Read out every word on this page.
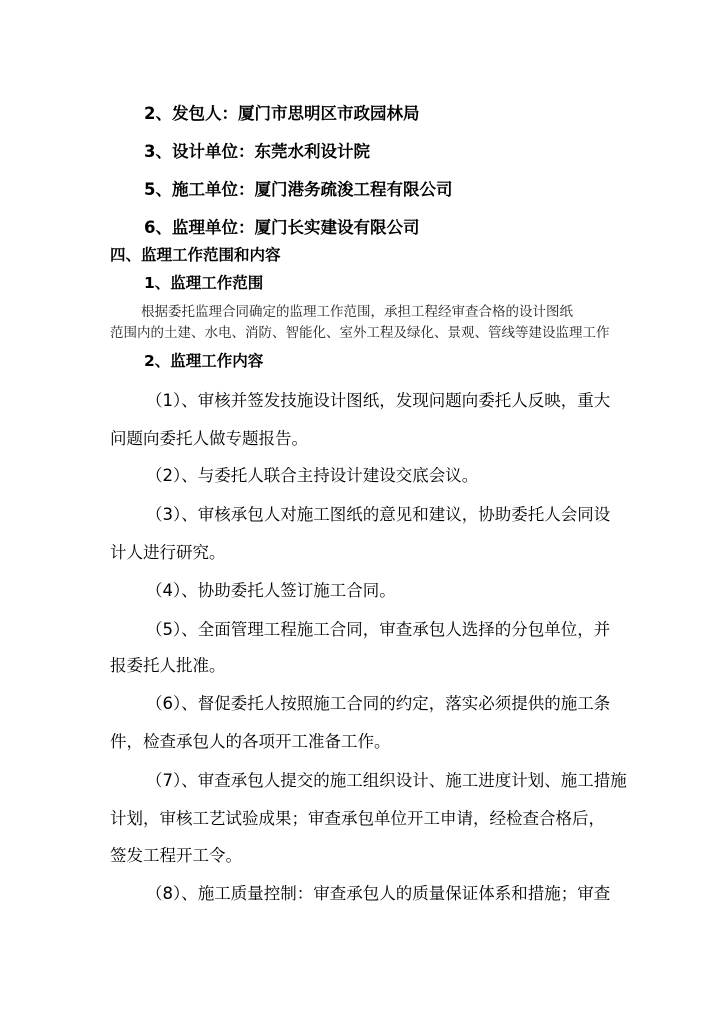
2、发包人：厦门市思明区市政园林局
3、设计单位：东莞水利设计院
5、施工单位：厦门港务疏浚工程有限公司
6、监理单位：厦门长实建设有限公司
四、监理工作范围和内容
1、监理工作范围
根据委托监理合同确定的监理工作范围，承担工程经审查合格的设计图纸
范围内的土建、水电、消防、智能化、室外工程及绿化、景观、管线等建设监理工作
2、监理工作内容
（1）、审核并签发技施设计图纸，发现问题向委托人反映，重大
问题向委托人做专题报告。
（2）、与委托人联合主持设计建设交底会议。
（3）、审核承包人对施工图纸的意见和建议，协助委托人会同设
计人进行研究。
（4）、协助委托人签订施工合同。
（5）、全面管理工程施工合同，审查承包人选择的分包单位，并
报委托人批准。
（6）、督促委托人按照施工合同的约定，落实必须提供的施工条
件，检查承包人的各项开工准备工作。
（7）、审查承包人提交的施工组织设计、施工进度计划、施工措施
计划，审核工艺试验成果；审查承包单位开工申请，经检查合格后，
签发工程开工令。
（8）、施工质量控制：审查承包人的质量保证体系和措施；审查
